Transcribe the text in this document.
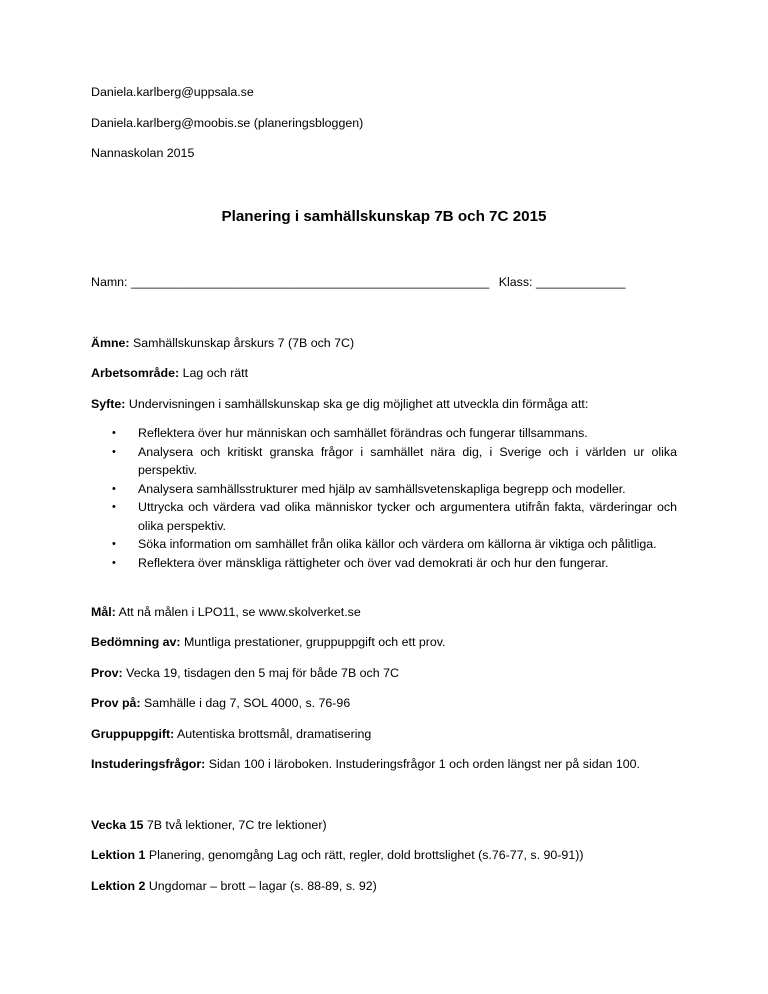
Daniela.karlberg@uppsala.se
Daniela.karlberg@moobis.se (planeringsbloggen)
Nannaskolan 2015
Planering i samhällskunskap 7B och 7C 2015
Namn: ____________________________________________________ Klass: _____________
Ämne: Samhällskunskap årskurs 7 (7B och 7C)
Arbetsområde: Lag och rätt
Syfte: Undervisningen i samhällskunskap ska ge dig möjlighet att utveckla din förmåga att:
• Reflektera över hur människan och samhället förändras och fungerar tillsammans.
• Analysera och kritiskt granska frågor i samhället nära dig, i Sverige och i världen ur olika perspektiv.
• Analysera samhällsstrukturer med hjälp av samhällsvetenskapliga begrepp och modeller.
• Uttrycka och värdera vad olika människor tycker och argumentera utifrån fakta, värderingar och olika perspektiv.
• Söka information om samhället från olika källor och värdera om källorna är viktiga och pålitliga.
• Reflektera över mänskliga rättigheter och över vad demokrati är och hur den fungerar.
Mål: Att nå målen i LPO11, se www.skolverket.se
Bedömning av: Muntliga prestationer, gruppuppgift och ett prov.
Prov: Vecka 19, tisdagen den 5 maj för både 7B och 7C
Prov på: Samhälle i dag 7, SOL 4000, s. 76-96
Gruppuppgift: Autentiska brottsmål, dramatisering
Instuderingsfrågor: Sidan 100 i läroboken. Instuderingsfrågor 1 och orden längst ner på sidan 100.
Vecka 15 7B två lektioner, 7C tre lektioner)
Lektion 1 Planering, genomgång Lag och rätt, regler, dold brottslighet (s.76-77, s. 90-91))
Lektion 2 Ungdomar – brott – lagar (s. 88-89, s. 92)
